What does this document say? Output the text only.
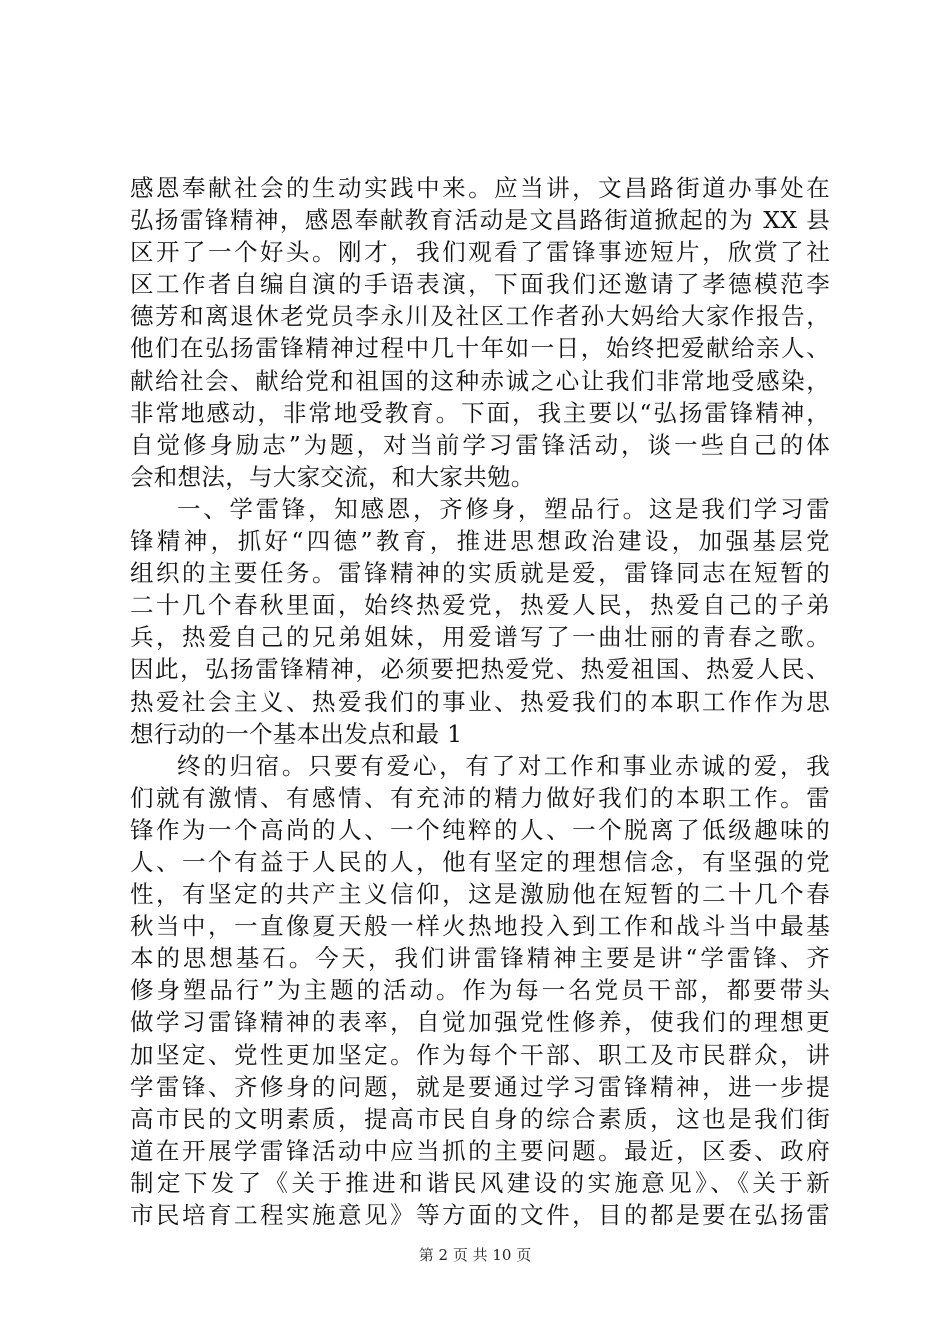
感恩奉献社会的生动实践中来。应当讲，文昌路街道办事处在
弘扬雷锋精神，感恩奉献教育活动是文昌路街道掀起的为 XX 县
区开了一个好头。刚才，我们观看了雷锋事迹短片，欣赏了社
区工作者自编自演的手语表演，下面我们还邀请了孝德模范李
德芳和离退休老党员李永川及社区工作者孙大妈给大家作报告，
他们在弘扬雷锋精神过程中几十年如一日，始终把爱献给亲人、
献给社会、献给党和祖国的这种赤诚之心让我们非常地受感染，
非常地感动，非常地受教育。下面，我主要以“弘扬雷锋精神，
自觉修身励志”为题，对当前学习雷锋活动，谈一些自己的体
会和想法，与大家交流，和大家共勉。
一、学雷锋，知感恩，齐修身，塑品行。这是我们学习雷
锋精神，抓好“四德”教育，推进思想政治建设，加强基层党
组织的主要任务。雷锋精神的实质就是爱，雷锋同志在短暂的
二十几个春秋里面，始终热爱党，热爱人民，热爱自己的子弟
兵，热爱自己的兄弟姐妹，用爱谱写了一曲壮丽的青春之歌。
因此，弘扬雷锋精神，必须要把热爱党、热爱祖国、热爱人民、
热爱社会主义、热爱我们的事业、热爱我们的本职工作作为思
想行动的一个基本出发点和最 1
终的归宿。只要有爱心，有了对工作和事业赤诚的爱，我
们就有激情、有感情、有充沛的精力做好我们的本职工作。雷
锋作为一个高尚的人、一个纯粹的人、一个脱离了低级趣味的
人、一个有益于人民的人，他有坚定的理想信念，有坚强的党
性，有坚定的共产主义信仰，这是激励他在短暂的二十几个春
秋当中，一直像夏天般一样火热地投入到工作和战斗当中最基
本的思想基石。今天，我们讲雷锋精神主要是讲“学雷锋、齐
修身塑品行”为主题的活动。作为每一名党员干部，都要带头
做学习雷锋精神的表率，自觉加强党性修养，使我们的理想更
加坚定、党性更加坚定。作为每个干部、职工及市民群众，讲
学雷锋、齐修身的问题，就是要通过学习雷锋精神，进一步提
高市民的文明素质，提高市民自身的综合素质，这也是我们街
道在开展学雷锋活动中应当抓的主要问题。最近，区委、政府
制定下发了《关于推进和谐民风建设的实施意见》、《关于新
市民培育工程实施意见》等方面的文件，目的都是要在弘扬雷
第 2 页 共 10 页
